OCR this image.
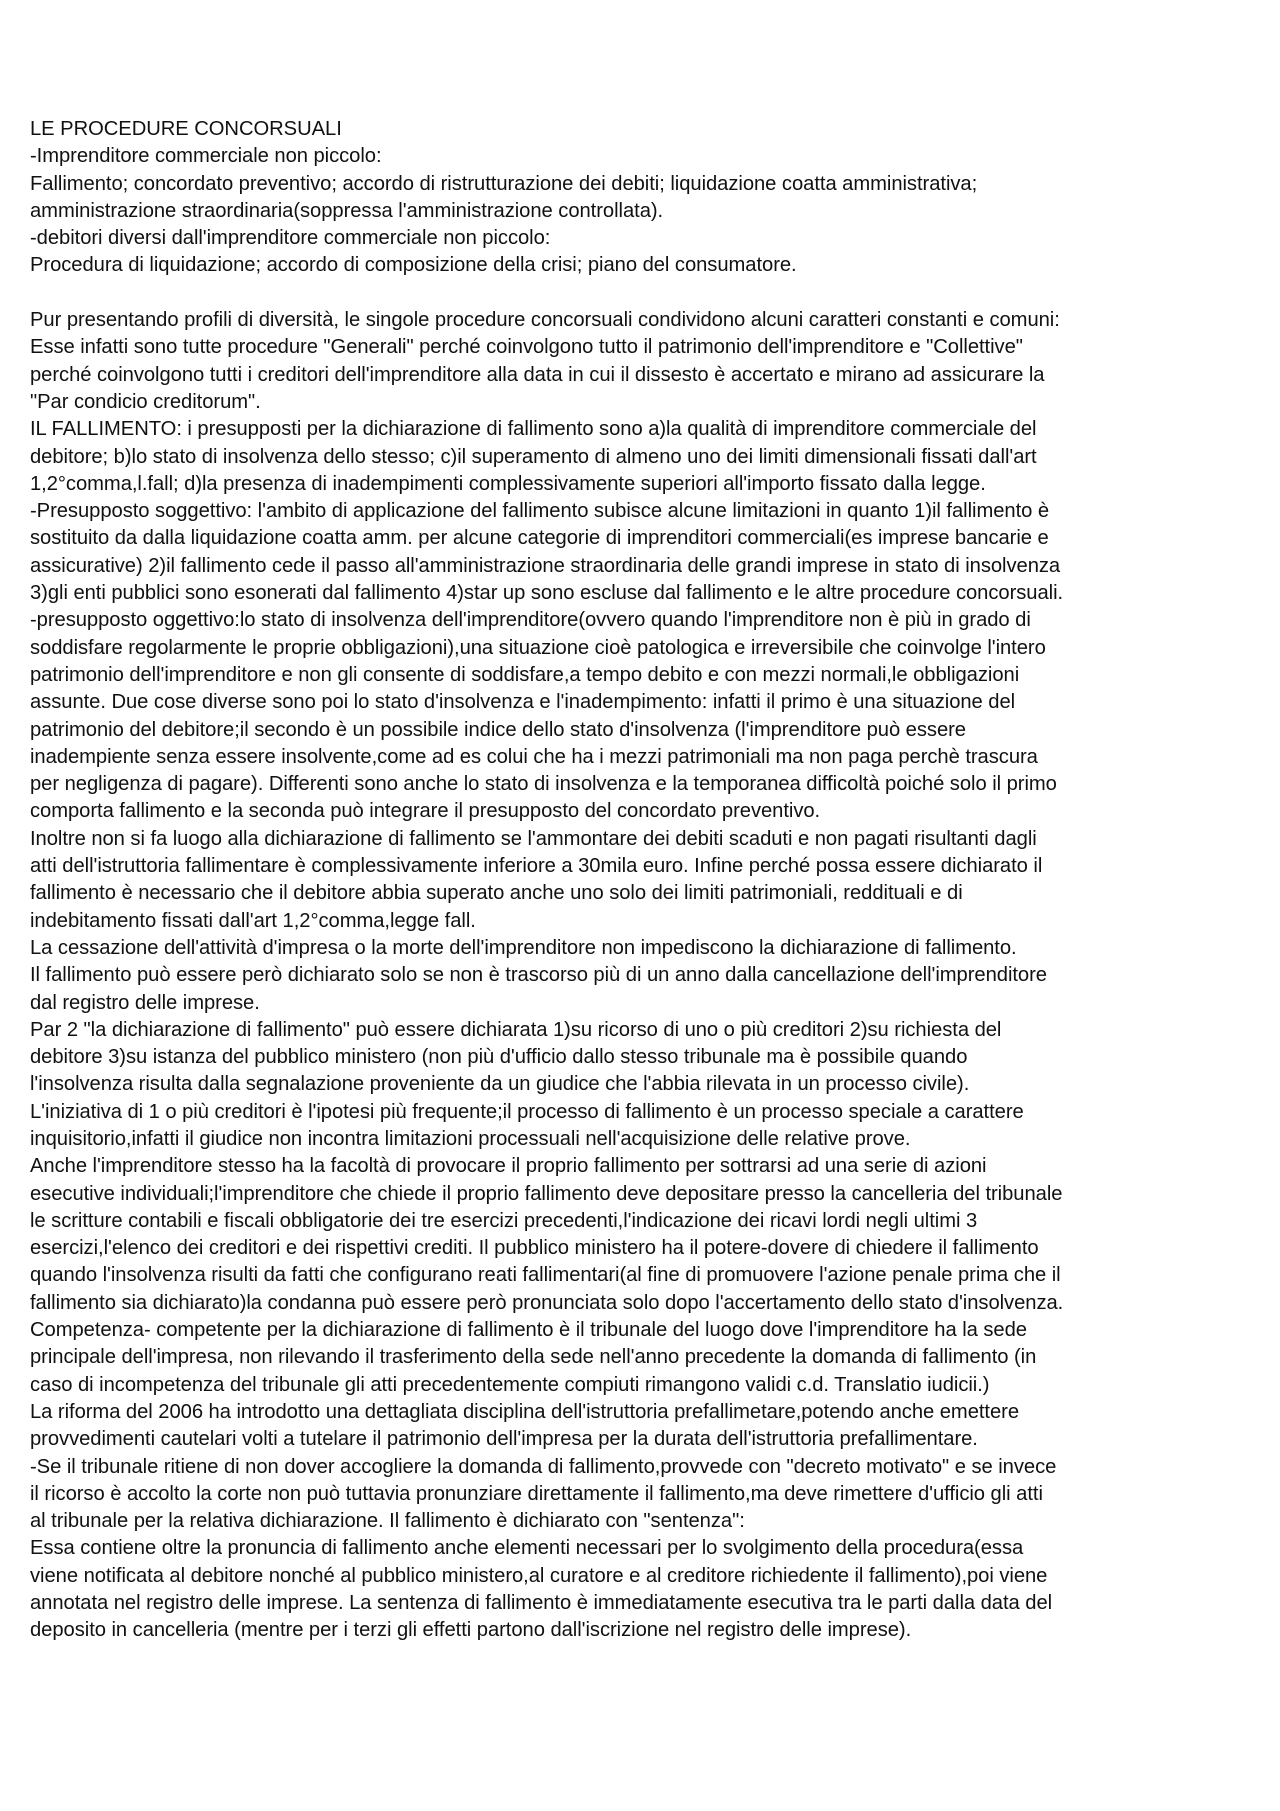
LE PROCEDURE CONCORSUALI
-Imprenditore commerciale non piccolo:
Fallimento; concordato preventivo; accordo di ristrutturazione dei debiti; liquidazione coatta amministrativa;
amministrazione straordinaria(soppressa l'amministrazione controllata).
-debitori diversi dall'imprenditore commerciale non piccolo:
Procedura di liquidazione; accordo di composizione della crisi; piano del consumatore.
Pur presentando profili di diversità, le singole procedure concorsuali condividono alcuni caratteri constanti e comuni:
Esse infatti sono tutte procedure "Generali" perché coinvolgono tutto il patrimonio dell'imprenditore e "Collettive"
perché coinvolgono tutti i creditori dell'imprenditore alla data in cui il dissesto è accertato e mirano ad assicurare la
"Par condicio creditorum".
IL FALLIMENTO: i presupposti per la dichiarazione di fallimento sono a)la qualità di imprenditore commerciale del
debitore; b)lo stato di insolvenza dello stesso; c)il superamento di almeno uno dei limiti dimensionali fissati dall'art
1,2°comma,l.fall; d)la presenza di inadempimenti complessivamente superiori all'importo fissato dalla legge.
-Presupposto soggettivo: l'ambito di applicazione del fallimento subisce alcune limitazioni in quanto 1)il fallimento è
sostituito da dalla liquidazione coatta amm. per alcune categorie di imprenditori commerciali(es imprese bancarie e
assicurative) 2)il fallimento cede il passo all'amministrazione straordinaria delle grandi imprese in stato di insolvenza
3)gli enti pubblici sono esonerati dal fallimento 4)star up sono escluse dal fallimento e le altre procedure concorsuali.
-presupposto oggettivo:lo stato di insolvenza dell'imprenditore(ovvero quando l'imprenditore non è più in grado di
soddisfare regolarmente le proprie obbligazioni),una situazione cioè patologica e irreversibile che coinvolge l'intero
patrimonio dell'imprenditore e non gli consente di soddisfare,a tempo debito e con mezzi normali,le obbligazioni
assunte. Due cose diverse sono poi lo stato d'insolvenza e l'inadempimento: infatti il primo è una situazione del
patrimonio del debitore;il secondo è un possibile indice dello stato d'insolvenza (l'imprenditore può essere
inadempiente senza essere insolvente,come ad es colui che ha i mezzi patrimoniali ma non paga perchè trascura
per negligenza di pagare). Differenti sono anche lo stato di insolvenza e la temporanea difficoltà poiché solo il primo
comporta fallimento e la seconda può integrare il presupposto del concordato preventivo.
Inoltre non si fa luogo alla dichiarazione di fallimento se l'ammontare dei debiti scaduti e non pagati risultanti dagli
atti dell'istruttoria fallimentare è complessivamente inferiore a 30mila euro. Infine perché possa essere dichiarato il
fallimento è necessario che il debitore abbia superato anche uno solo dei limiti patrimoniali, reddituali e di
indebitamento fissati dall'art 1,2°comma,legge fall.
La cessazione dell'attività d'impresa o la morte dell'imprenditore non impediscono la dichiarazione di fallimento.
Il fallimento può essere però dichiarato solo se non è trascorso più di un anno dalla cancellazione dell'imprenditore
dal registro delle imprese.
Par 2 "la dichiarazione di fallimento" può essere dichiarata 1)su ricorso di uno o più creditori 2)su richiesta del
debitore 3)su istanza del pubblico ministero (non più d'ufficio dallo stesso tribunale ma è possibile quando
l'insolvenza risulta dalla segnalazione proveniente da un giudice che l'abbia rilevata in un processo civile).
L'iniziativa di 1 o più creditori è l'ipotesi più frequente;il processo di fallimento è un processo speciale a carattere
inquisitorio,infatti il giudice non incontra limitazioni processuali nell'acquisizione delle relative prove.
Anche l'imprenditore stesso ha la facoltà di provocare il proprio fallimento per sottrarsi ad una serie di azioni
esecutive individuali;l'imprenditore che chiede il proprio fallimento deve depositare presso la cancelleria del tribunale
le scritture contabili e fiscali obbligatorie dei tre esercizi precedenti,l'indicazione dei ricavi lordi negli ultimi 3
esercizi,l'elenco dei creditori e dei rispettivi crediti. Il pubblico ministero ha il potere-dovere di chiedere il fallimento
quando l'insolvenza risulti da fatti che configurano reati fallimentari(al fine di promuovere l'azione penale prima che il
fallimento sia dichiarato)la condanna può essere però pronunciata solo dopo l'accertamento dello stato d'insolvenza.
Competenza- competente per la dichiarazione di fallimento è il tribunale del luogo dove l'imprenditore ha la sede
principale dell'impresa, non rilevando il trasferimento della sede nell'anno precedente la domanda di fallimento (in
caso di incompetenza del tribunale gli atti precedentemente compiuti rimangono validi c.d. Translatio iudicii.)
La riforma del 2006 ha introdotto una dettagliata disciplina dell'istruttoria prefallimetare,potendo anche emettere
provvedimenti cautelari volti a tutelare il patrimonio dell'impresa per la durata dell'istruttoria prefallimentare.
-Se il tribunale ritiene di non dover accogliere la domanda di fallimento,provvede con "decreto motivato" e se invece
il ricorso è accolto la corte non può tuttavia pronunziare direttamente il fallimento,ma deve rimettere d'ufficio gli atti
al tribunale per la relativa dichiarazione. Il fallimento è dichiarato con "sentenza":
Essa contiene oltre la pronuncia di fallimento anche elementi necessari per lo svolgimento della procedura(essa
viene notificata al debitore nonché al pubblico ministero,al curatore e al creditore richiedente il fallimento),poi viene
annotata nel registro delle imprese. La sentenza di fallimento è immediatamente esecutiva tra le parti dalla data del
deposito in cancelleria (mentre per i terzi gli effetti partono dall'iscrizione nel registro delle imprese).
